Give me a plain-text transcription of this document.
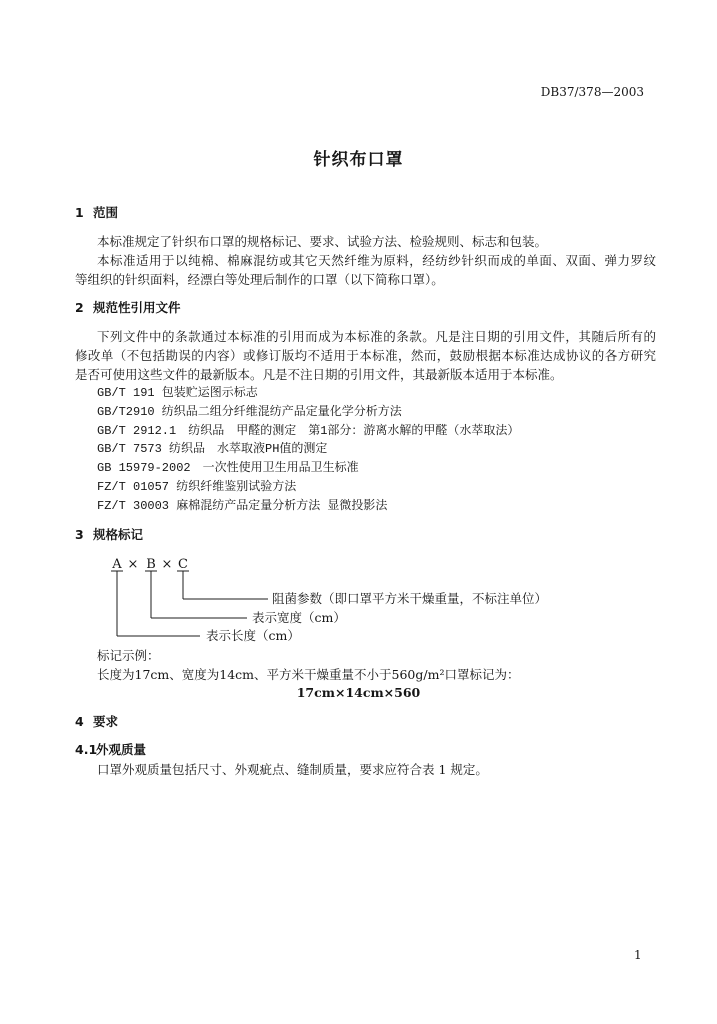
DB37/378—2003
针织布口罩
1 范围
本标准规定了针织布口罩的规格标记、要求、试验方法、检验规则、标志和包装。
本标准适用于以纯棉、棉麻混纺或其它天然纤维为原料，经纺纱针织而成的单面、双面、弹力罗纹
等组织的针织面料，经漂白等处理后制作的口罩（以下简称口罩）。
2 规范性引用文件
下列文件中的条款通过本标准的引用而成为本标准的条款。凡是注日期的引用文件，其随后所有的
修改单（不包括勘误的内容）或修订版均不适用于本标准，然而，鼓励根据本标准达成协议的各方研究
是否可使用这些文件的最新版本。凡是不注日期的引用文件，其最新版本适用于本标准。
GB/T 191 包装贮运图示标志
GB/T2910 纺织品二组分纤维混纺产品定量化学分析方法
GB/T 2912.1　纺织品　甲醛的测定　第1部分：游离水解的甲醛（水萃取法）
GB/T 7573 纺织品　水萃取液PH值的测定
GB 15979-2002　一次性使用卫生用品卫生标准
FZ/T 01057 纺织纤维鉴别试验方法
FZ/T 30003 麻棉混纺产品定量分析方法 显微投影法
3 规格标记
A × B × C
阻菌参数（即口罩平方米干燥重量，不标注单位）
表示宽度（cm）
表示长度（cm）
标记示例：
长度为17cm、宽度为14cm、平方米干燥重量不小于560g/m²口罩标记为：
17cm×14cm×560
4 要求
4.1外观质量
口罩外观质量包括尺寸、外观疵点、缝制质量，要求应符合表 1 规定。
1
